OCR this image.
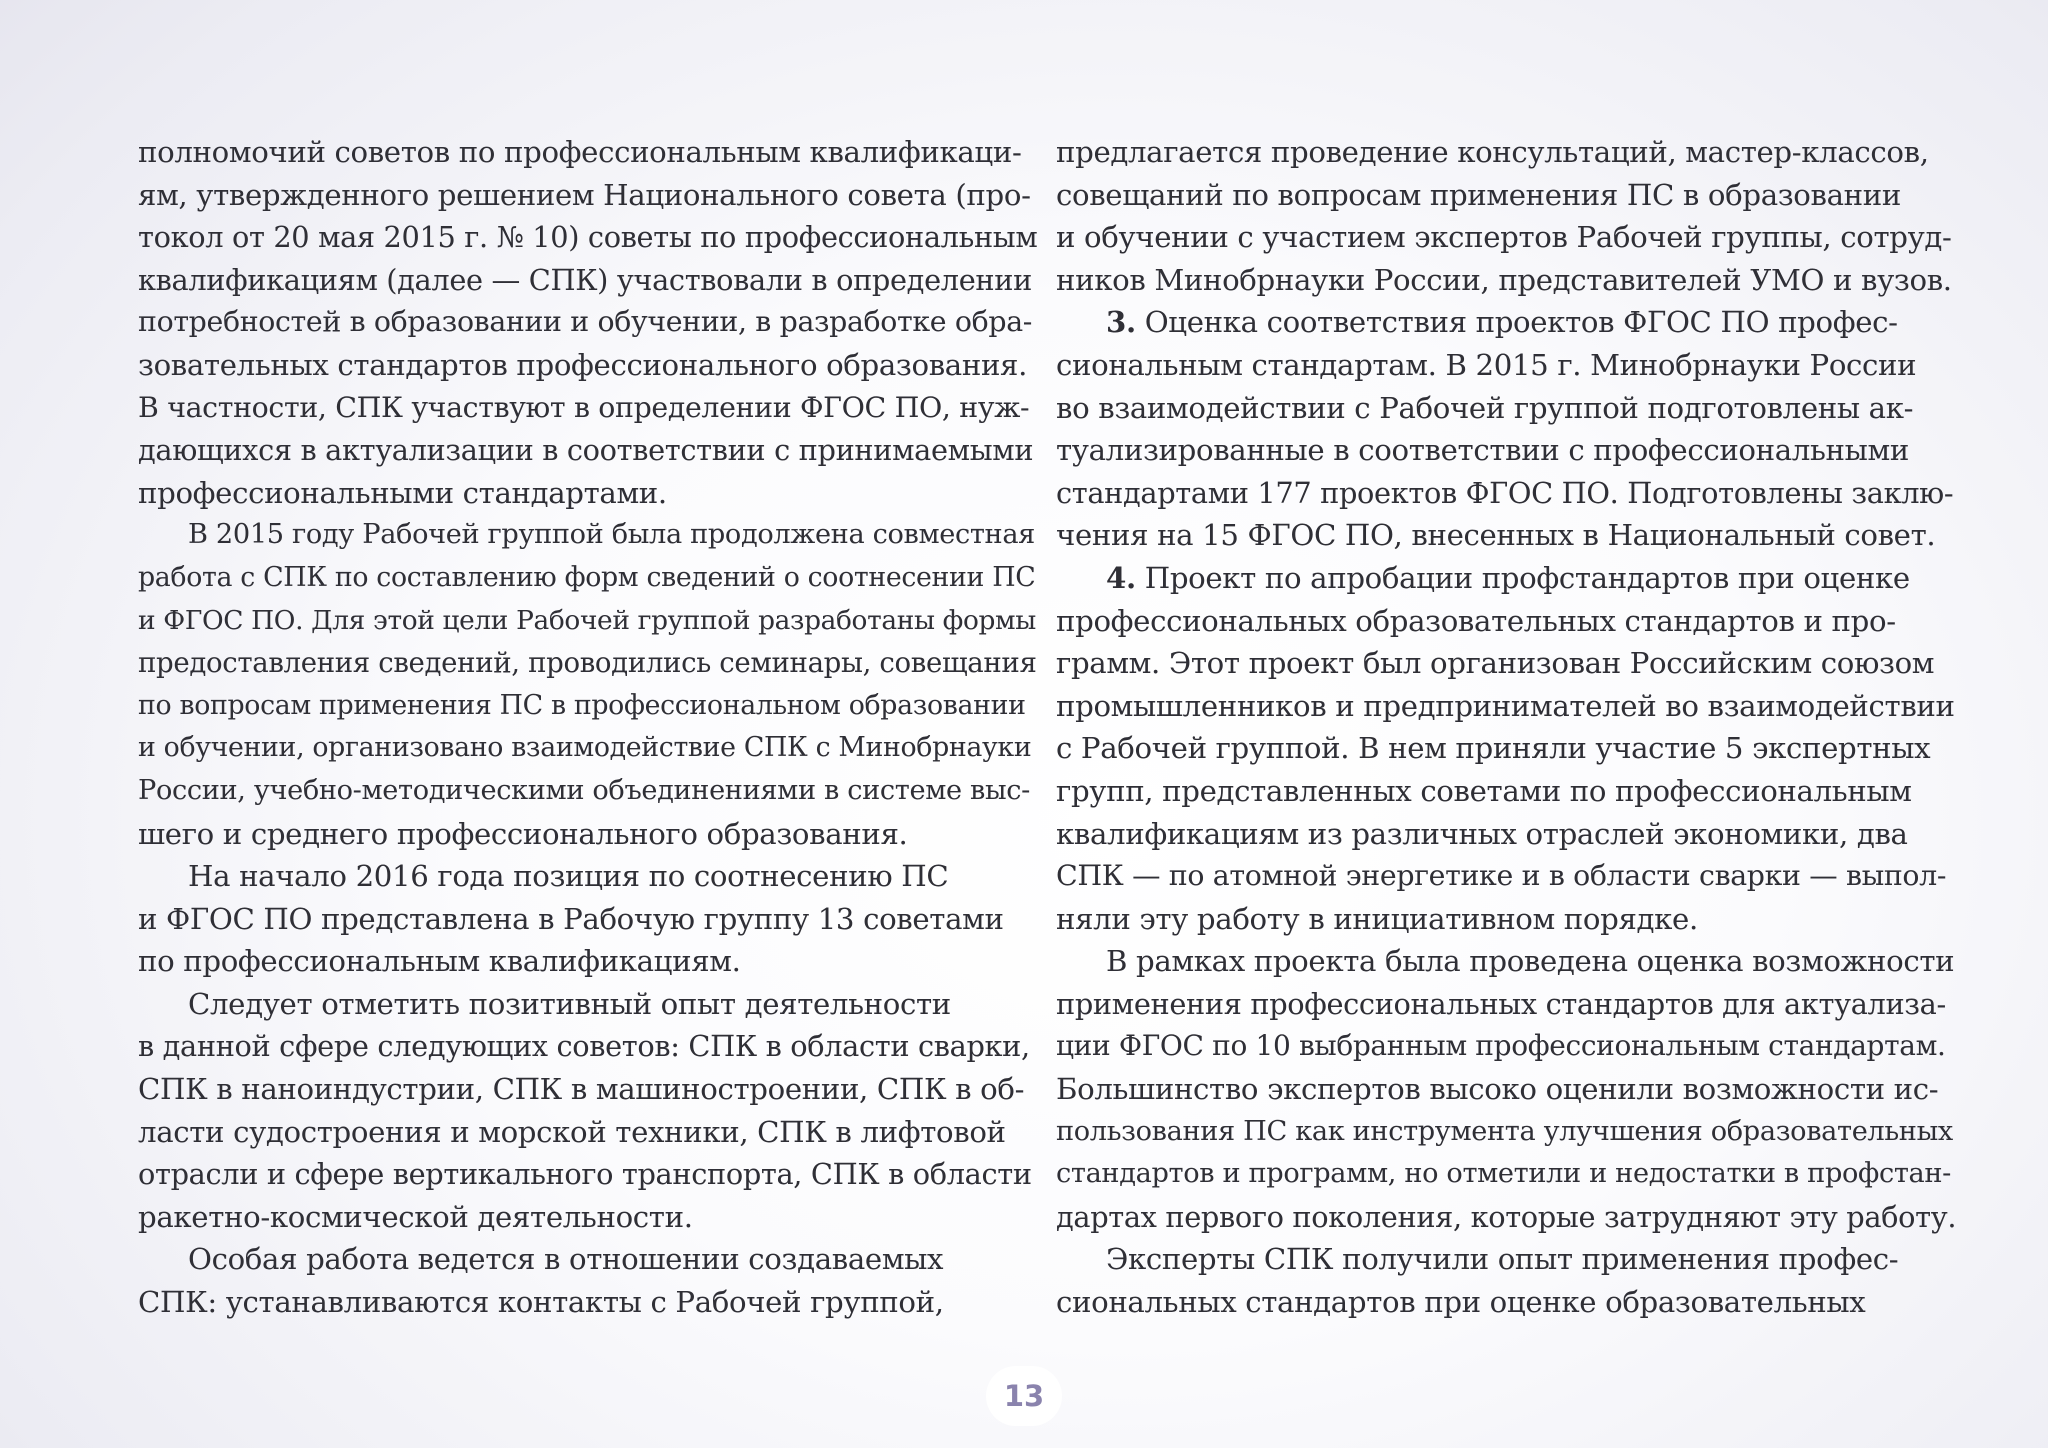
полномочий советов по профессиональным квалификаци-
ям, утвержденного решением Национального совета (про-
токол от 20 мая 2015 г. № 10) советы по профессиональным
квалификациям (далее — СПК) участвовали в определении
потребностей в образовании и обучении, в разработке обра-
зовательных стандартов профессионального образования.
В частности, СПК участвуют в определении ФГОС ПО, нуж-
дающихся в актуализации в соответствии с принимаемыми
профессиональными стандартами.
В 2015 году Рабочей группой была продолжена совместная
работа с СПК по составлению форм сведений о соотнесении ПС
и ФГОС ПО. Для этой цели Рабочей группой разработаны формы
предоставления сведений, проводились семинары, совещания
по вопросам применения ПС в профессиональном образовании
и обучении, организовано взаимодействие СПК с Минобрнауки
России, учебно-методическими объединениями в системе выс-
шего и среднего профессионального образования.
На начало 2016 года позиция по соотнесению ПС
и ФГОС ПО представлена в Рабочую группу 13 советами
по профессиональным квалификациям.
Следует отметить позитивный опыт деятельности
в данной сфере следующих советов: СПК в области сварки,
СПК в наноиндустрии, СПК в машиностроении, СПК в об-
ласти судостроения и морской техники, СПК в лифтовой
отрасли и сфере вертикального транспорта, СПК в области
ракетно-космической деятельности.
Особая работа ведется в отношении создаваемых
СПК: устанавливаются контакты с Рабочей группой,
предлагается проведение консультаций, мастер-классов,
совещаний по вопросам применения ПС в образовании
и обучении с участием экспертов Рабочей группы, сотруд-
ников Минобрнауки России, представителей УМО и вузов.
3. Оценка соответствия проектов ФГОС ПО профес-
сиональным стандартам. В 2015 г. Минобрнауки России
во взаимодействии с Рабочей группой подготовлены ак-
туализированные в соответствии с профессиональными
стандартами 177 проектов ФГОС ПО. Подготовлены заклю-
чения на 15 ФГОС ПО, внесенных в Национальный совет.
4. Проект по апробации профстандартов при оценке
профессиональных образовательных стандартов и про-
грамм. Этот проект был организован Российским союзом
промышленников и предпринимателей во взаимодействии
с Рабочей группой. В нем приняли участие 5 экспертных
групп, представленных советами по профессиональным
квалификациям из различных отраслей экономики, два
СПК — по атомной энергетике и в области сварки — выпол-
няли эту работу в инициативном порядке.
В рамках проекта была проведена оценка возможности
применения профессиональных стандартов для актуализа-
ции ФГОС по 10 выбранным профессиональным стандартам.
Большинство экспертов высоко оценили возможности ис-
пользования ПС как инструмента улучшения образовательных
стандартов и программ, но отметили и недостатки в профстан-
дартах первого поколения, которые затрудняют эту работу.
Эксперты СПК получили опыт применения профес-
сиональных стандартов при оценке образовательных
13
